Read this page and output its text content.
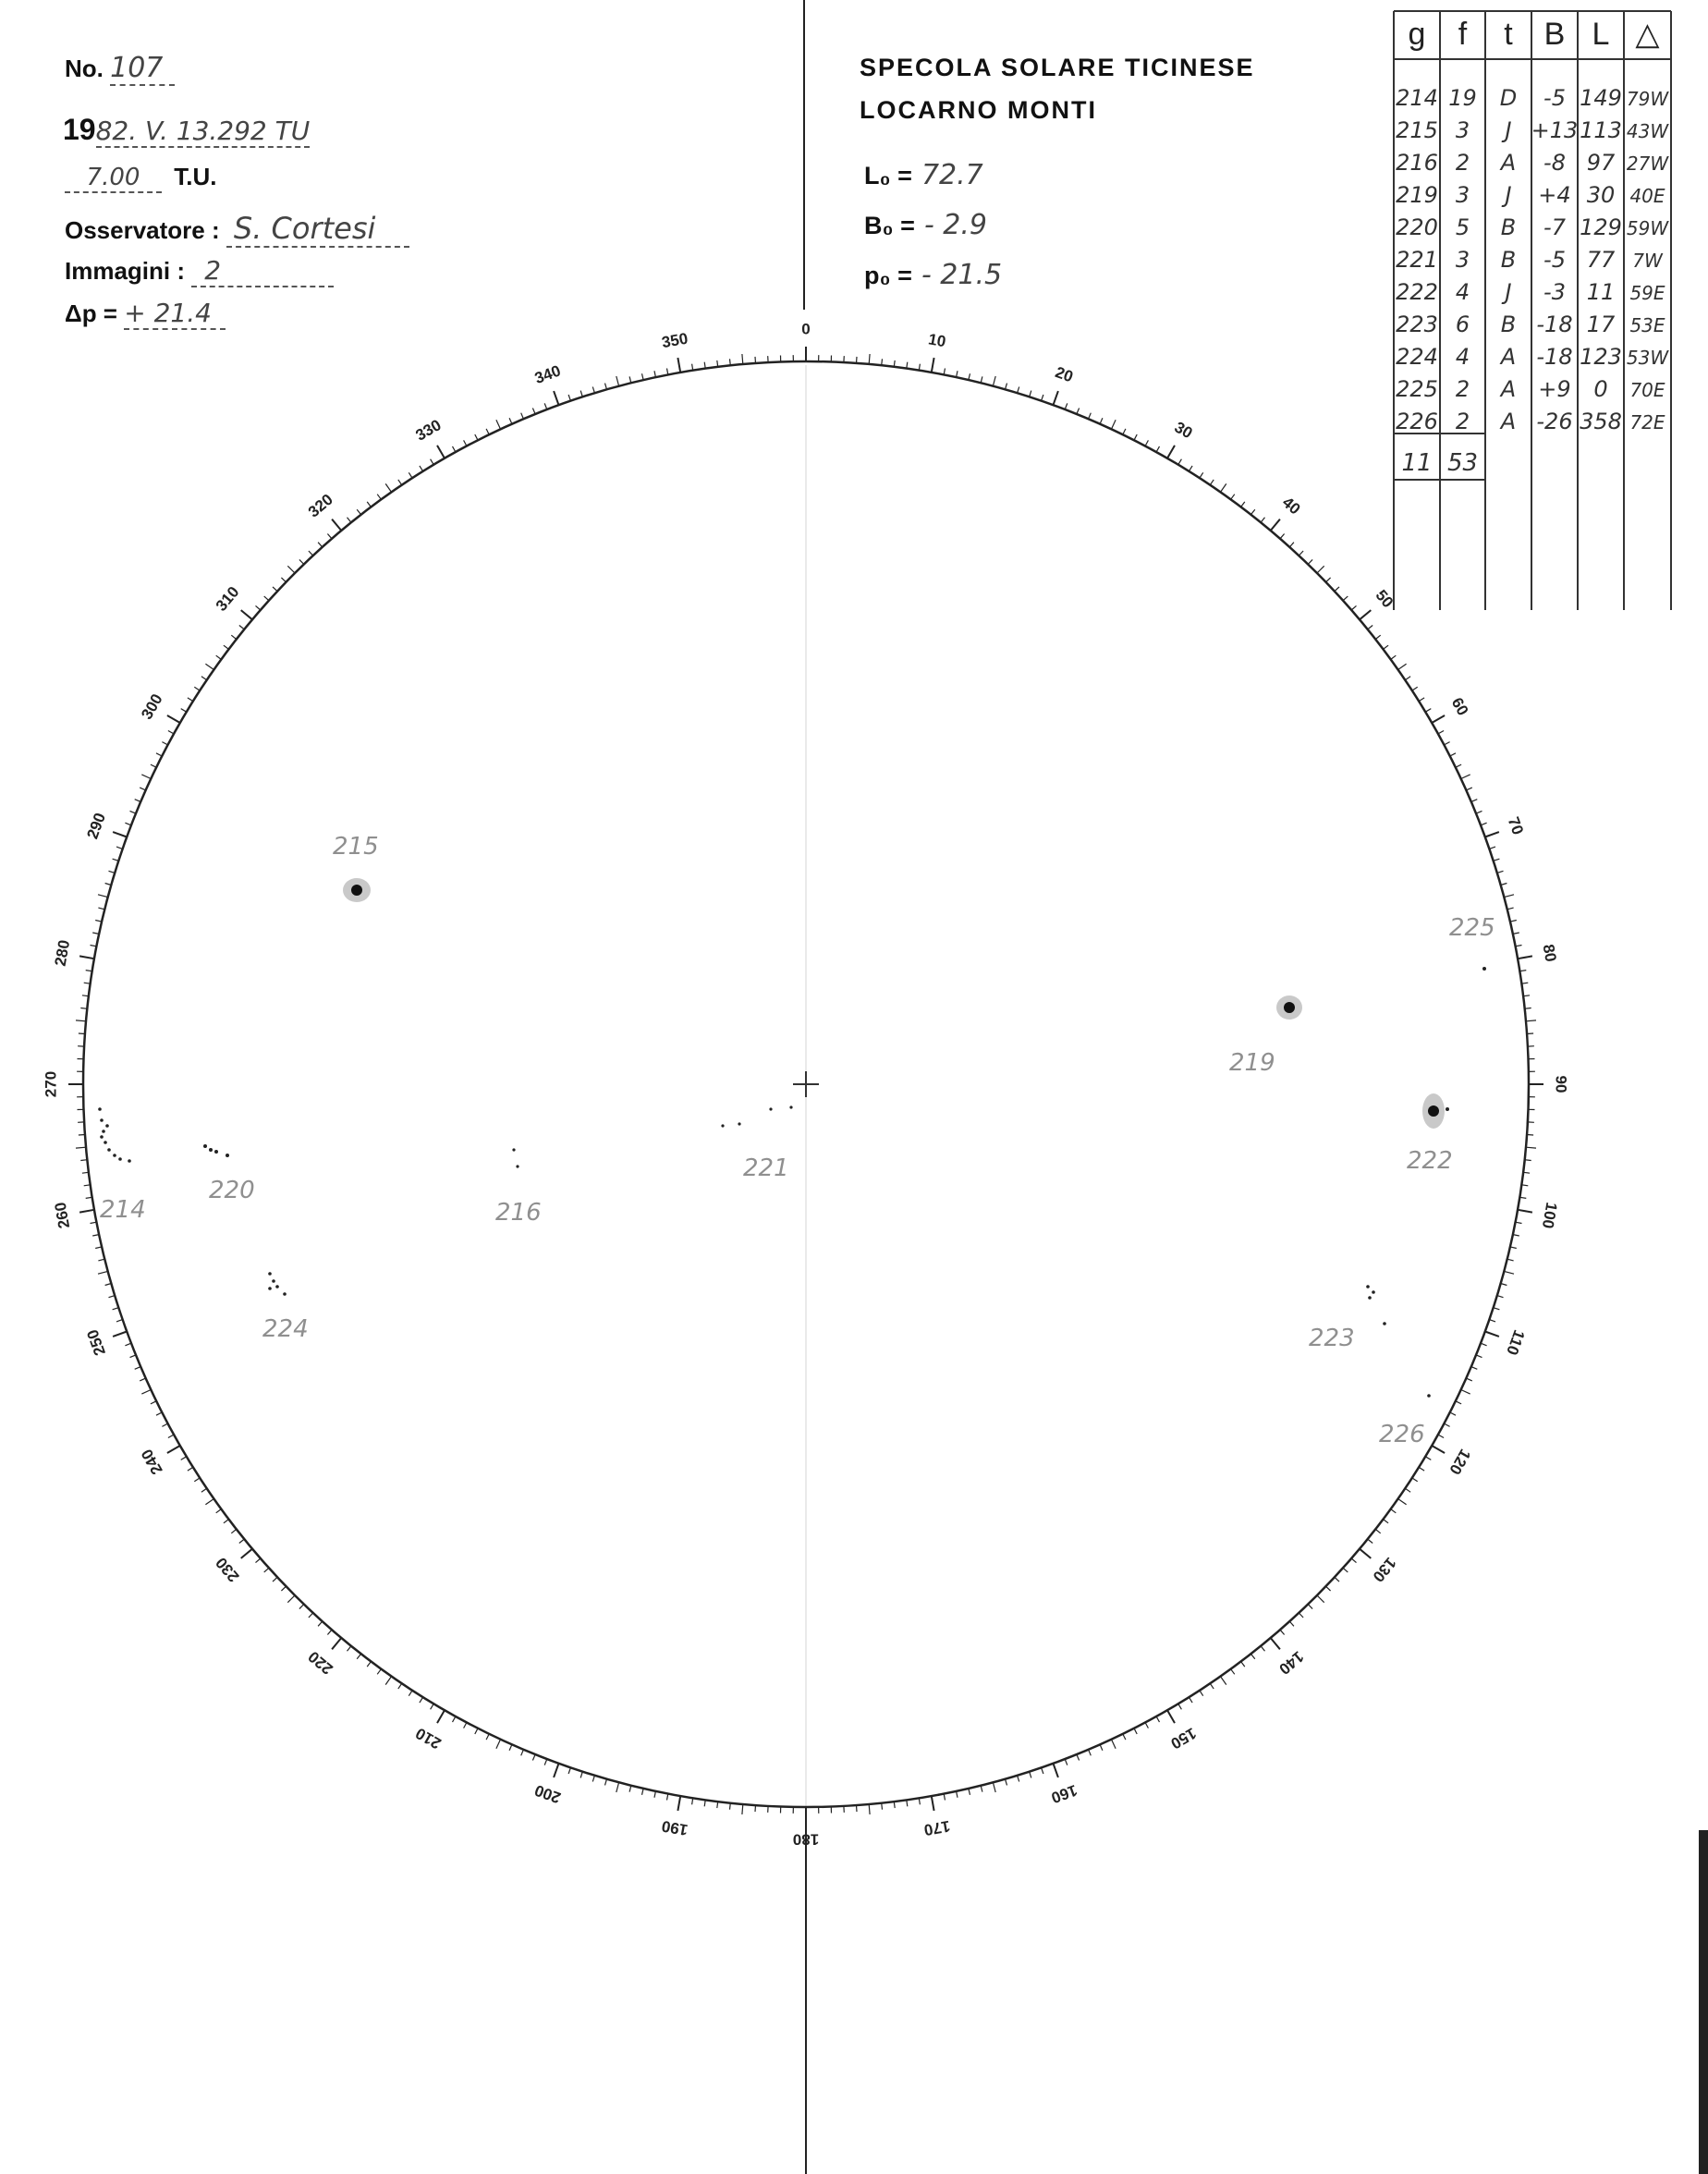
No. 107
1982. V. 13.292 TU
7.00 T.U.
Osservatore : S. Cortesi
Immagini : 2
Δp = + 21.4
SPECOLA SOLARE TICINESE
LOCARNO MONTI
L₀ = 72.7
B₀ = - 2.9
p₀ = - 21.5
0
10
20
30
40
50
60
70
80
90
100
110
120
130
140
150
160
170
180
190
200
210
220
230
240
250
260
270
280
290
300
310
320
330
340
350
214
215
216
219
220
221	222
223
224
225
226
g f t B L △
214 19 D -5 149 79W
215 3 J +13 113 43W
216 2 A -8 97 27W
219 3 J +4 30 40E
220 5 B -7 129 59W
221 3 B -5 77 7W
222 4 J -3 11 59E
223 6 B -18 17 53E
224 4 A -18 123 53W
225 2 A +9 0 70E
226 2 A -26 358 72E
11 53
